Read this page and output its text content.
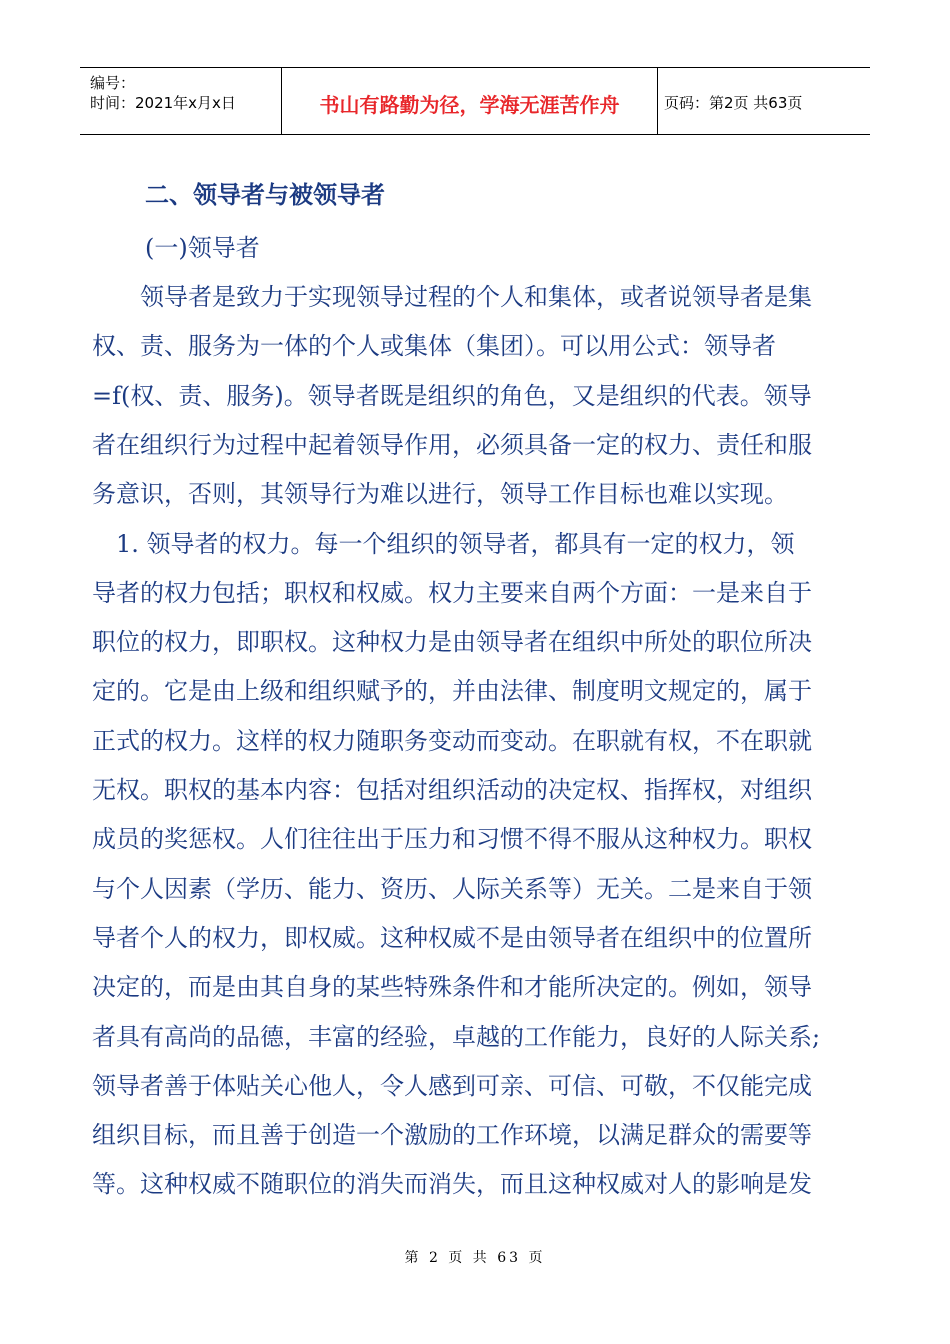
编号：
时间：2021年x月x日	书山有路勤为径，学海无涯苦作舟	页码：第2页 共63页
二、领导者与被领导者
(一)领导者
　　领导者是致力于实现领导过程的个人和集体，或者说领导者是集
权、责、服务为一体的个人或集体（集团）。可以用公式：领导者
=f(权、责、服务)。领导者既是组织的角色，又是组织的代表。领导
者在组织行为过程中起着领导作用，必须具备一定的权力、责任和服
务意识，否则，其领导行为难以进行，领导工作目标也难以实现。
　1. 领导者的权力。每一个组织的领导者，都具有一定的权力，领
导者的权力包括；职权和权威。权力主要来自两个方面：一是来自于
职位的权力，即职权。这种权力是由领导者在组织中所处的职位所决
定的。它是由上级和组织赋予的，并由法律、制度明文规定的，属于
正式的权力。这样的权力随职务变动而变动。在职就有权，不在职就
无权。职权的基本内容：包括对组织活动的决定权、指挥权，对组织
成员的奖惩权。人们往往出于压力和习惯不得不服从这种权力。职权
与个人因素（学历、能力、资历、人际关系等）无关。二是来自于领
导者个人的权力，即权威。这种权威不是由领导者在组织中的位置所
决定的，而是由其自身的某些特殊条件和才能所决定的。例如，领导
者具有高尚的品德，丰富的经验，卓越的工作能力，良好的人际关系;
领导者善于体贴关心他人，令人感到可亲、可信、可敬，不仅能完成
组织目标，而且善于创造一个激励的工作环境，以满足群众的需要等
等。这种权威不随职位的消失而消失，而且这种权威对人的影响是发
第 2 页 共 63 页
